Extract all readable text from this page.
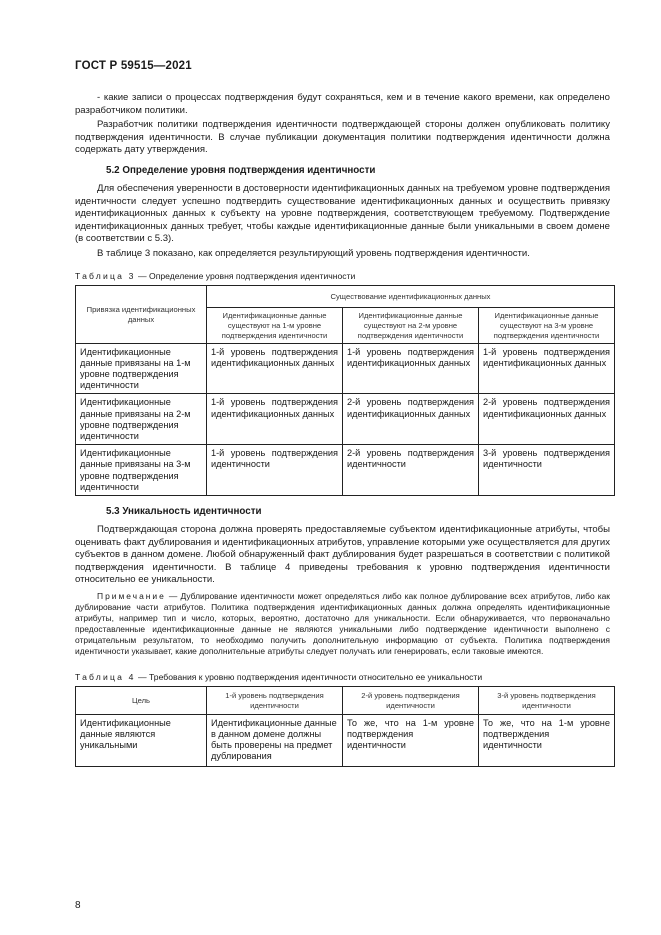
ГОСТ Р 59515—2021

- какие записи о процессах подтверждения будут сохраняться, кем и в течение какого времени, как определено разработчиком политики.

Разработчик политики подтверждения идентичности подтверждающей стороны должен опубликовать политику подтверждения идентичности. В случае публикации документация политики подтверждения идентичности должна содержать дату утверждения.

5.2 Определение уровня подтверждения идентичности

Для обеспечения уверенности в достоверности идентификационных данных на требуемом уровне подтверждения идентичности следует успешно подтвердить существование идентификационных данных и осуществить привязку идентификационных данных к субъекту на уровне подтверждения, соответствующем требуемому. Подтверждение идентификационных данных требует, чтобы каждые идентификационные данные были уникальными в своем домене (в соответствии с 5.3).

В таблице 3 показано, как определяется результирующий уровень подтверждения идентичности.

Таблица 3 — Определение уровня подтверждения идентичности
Привязка идентификационных данных	Существование идентификационных данных		
	Идентификационные данные существуют на 1-м уровне подтверждения идентичности	Идентификационные данные существуют на 2-м уровне подтверждения идентичности	Идентификационные данные существуют на 3-м уровне подтверждения идентичности
Идентификационные данные привязаны на 1-м уровне подтверждения идентичности	1-й уровень подтверждения идентификационных данных	1-й уровень подтверждения идентификационных данных	1-й уровень подтверждения идентификационных данных
Идентификационные данные привязаны на 2-м уровне подтверждения идентичности	1-й уровень подтверждения идентификационных данных	2-й уровень подтверждения идентификационных данных	2-й уровень подтверждения идентификационных данных
Идентификационные данные привязаны на 3-м уровне подтверждения идентичности	1-й уровень подтверждения идентичности	2-й уровень подтверждения идентичности	3-й уровень подтверждения идентичности
5.3 Уникальность идентичности

Подтверждающая сторона должна проверять предоставляемые субъектом идентификационные атрибуты, чтобы оценивать факт дублирования и идентификационных атрибутов, управление которыми уже осуществляется для других субъектов в данном домене. Любой обнаруженный факт дублирования будет разрешаться в соответствии с политикой подтверждения идентичности. В таблице 4 приведены требования к уровню подтверждения идентичности относительно ее уникальности.

Примечание — Дублирование идентичности может определяться либо как полное дублирование всех атрибутов, либо как дублирование части атрибутов. Политика подтверждения идентификационных данных должна определять идентификационные атрибуты, например тип и число, которых, вероятно, достаточно для уникальности. Если обнаруживается, что первоначально предоставленные идентификационные данные не являются уникальными либо подтверждение идентичности выполнено с отрицательным результатом, то необходимо получить дополнительную информацию от субъекта. Политика подтверждения идентичности указывает, какие дополнительные атрибуты следует получать или генерировать, если таковые имеются.

Таблица 4 — Требования к уровню подтверждения идентичности относительно ее уникальности
Цель	1-й уровень подтверждения идентичности	2-й уровень подтверждения идентичности	3-й уровень подтверждения идентичности
Идентификационные данные являются уникальными	Идентификационные данные в данном домене должны быть проверены на предмет дублирования	То же, что на 1-м уровне подтверждения идентичности	То же, что на 1-м уровне подтверждения идентичности
8
